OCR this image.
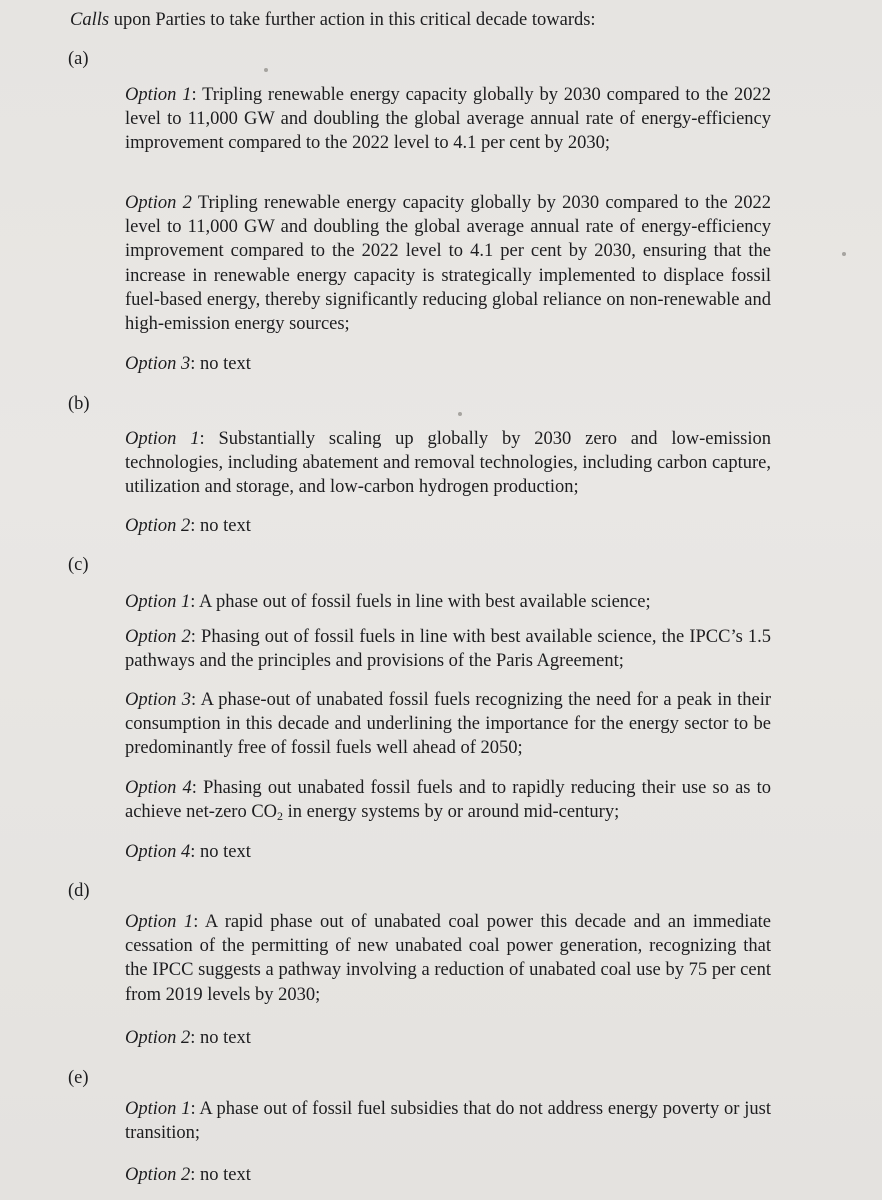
Calls upon Parties to take further action in this critical decade towards:
(a)

Option 1: Tripling renewable energy capacity globally by 2030 compared to the 2022 level to 11,000 GW and doubling the global average annual rate of energy-efficiency improvement compared to the 2022 level to 4.1 per cent by 2030;

Option 2 Tripling renewable energy capacity globally by 2030 compared to the 2022 level to 11,000 GW and doubling the global average annual rate of energy-efficiency improvement compared to the 2022 level to 4.1 per cent by 2030, ensuring that the increase in renewable energy capacity is strategically implemented to displace fossil fuel-based energy, thereby significantly reducing global reliance on non-renewable and high-emission energy sources;

Option 3: no text
(b)

Option 1: Substantially scaling up globally by 2030 zero and low-emission technologies, including abatement and removal technologies, including carbon capture, utilization and storage, and low-carbon hydrogen production;

Option 2: no text
(c)
Option 1: A phase out of fossil fuels in line with best available science;

Option 2: Phasing out of fossil fuels in line with best available science, the IPCC’s 1.5 pathways and the principles and provisions of the Paris Agreement;

Option 3: A phase-out of unabated fossil fuels recognizing the need for a peak in their consumption in this decade and underlining the importance for the energy sector to be predominantly free of fossil fuels well ahead of 2050;

Option 4: Phasing out unabated fossil fuels and to rapidly reducing their use so as to achieve net-zero $CO_2$ in energy systems by or around mid-century;

Option 4: no text
(d)

Option 1: A rapid phase out of unabated coal power this decade and an immediate cessation of the permitting of new unabated coal power generation, recognizing that the IPCC suggests a pathway involving a reduction of unabated coal use by 75 per cent from 2019 levels by 2030;

Option 2: no text
(e)

Option 1: A phase out of fossil fuel subsidies that do not address energy poverty or just transition;

Option 2: no text
